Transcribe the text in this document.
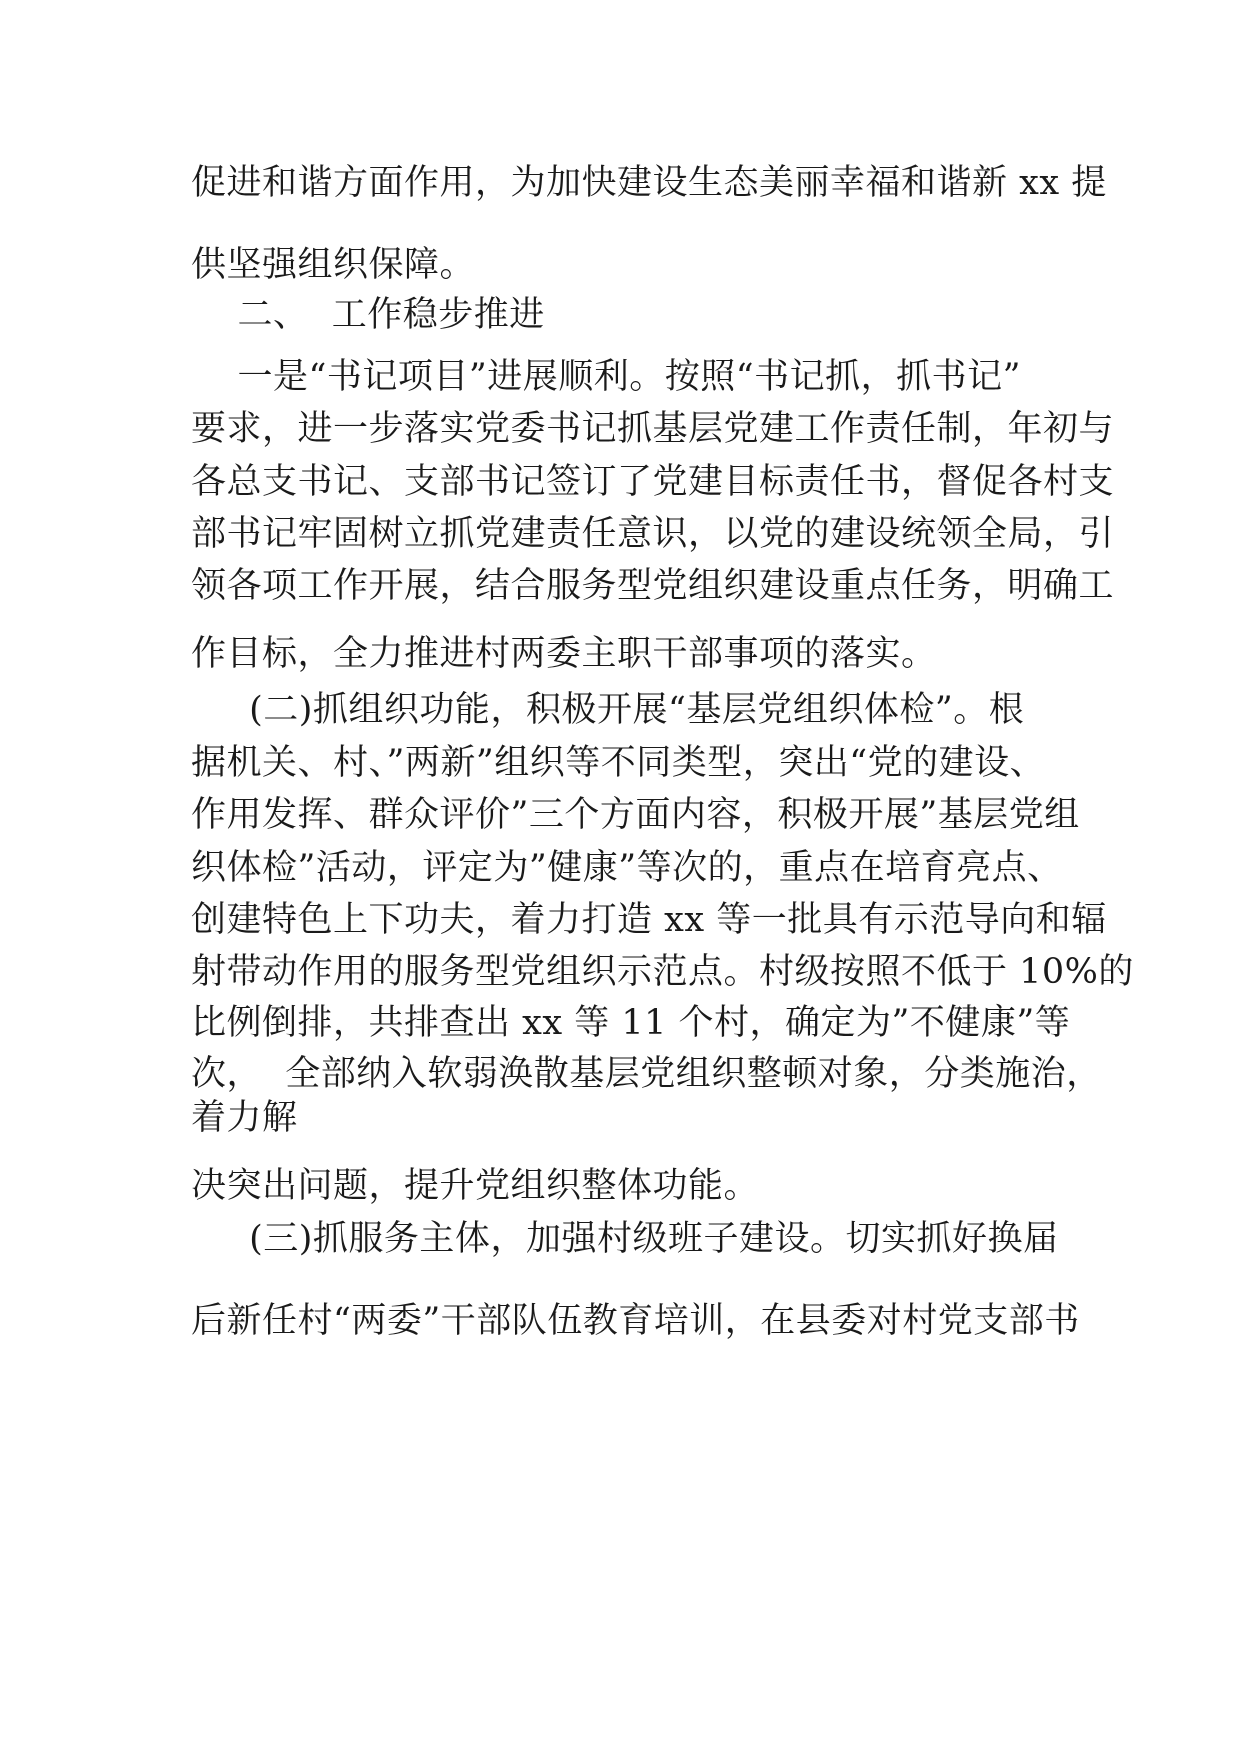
促进和谐方面作用，为加快建设生态美丽幸福和谐新 xx 提
供坚强组织保障。
二、  工作稳步推进
一是“书记项目”进展顺利。按照“书记抓，抓书记”
要求，进一步落实党委书记抓基层党建工作责任制，年初与
各总支书记、支部书记签订了党建目标责任书，督促各村支
部书记牢固树立抓党建责任意识，以党的建设统领全局，引
领各项工作开展，结合服务型党组织建设重点任务，明确工
作目标，全力推进村两委主职干部事项的落实。
(二)抓组织功能，积极开展“基层党组织体检”。根
据机关、村、”两新”组织等不同类型，突出“党的建设、
作用发挥、群众评价”三个方面内容，积极开展”基层党组
织体检”活动，评定为”健康”等次的，重点在培育亮点、
创建特色上下功夫，着力打造 xx 等一批具有示范导向和辐
射带动作用的服务型党组织示范点。村级按照不低于 10%的
比例倒排，共排查出 xx 等 11 个村，确定为”不健康”等
次，  全部纳入软弱涣散基层党组织整顿对象，分类施治，
着力解
决突出问题，提升党组织整体功能。
(三)抓服务主体，加强村级班子建设。切实抓好换届
后新任村“两委”干部队伍教育培训，在县委对村党支部书
